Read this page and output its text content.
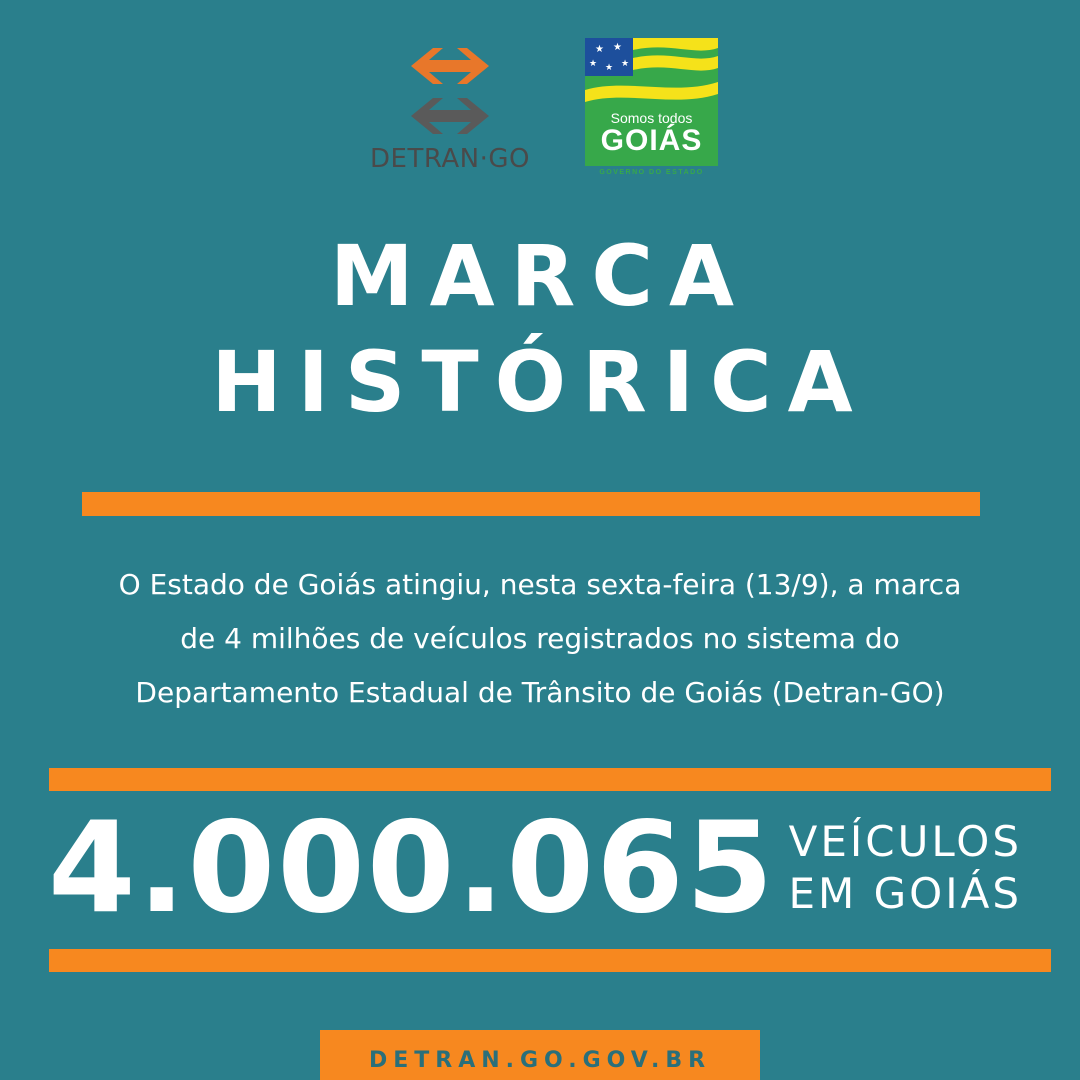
DETRAN·GO
★ ★
★ ★ ★
Somos todos
GOIÁS
GOVERNO DO ESTADO
MARCA
HISTÓRICA
O Estado de Goiás atingiu, nesta sexta-feira (13/9), a marca
de 4 milhões de veículos registrados no sistema do
Departamento Estadual de Trânsito de Goiás (Detran-GO)
4.000.065 VEÍCULOS
EM GOIÁS
DETRAN.GO.GOV.BR
